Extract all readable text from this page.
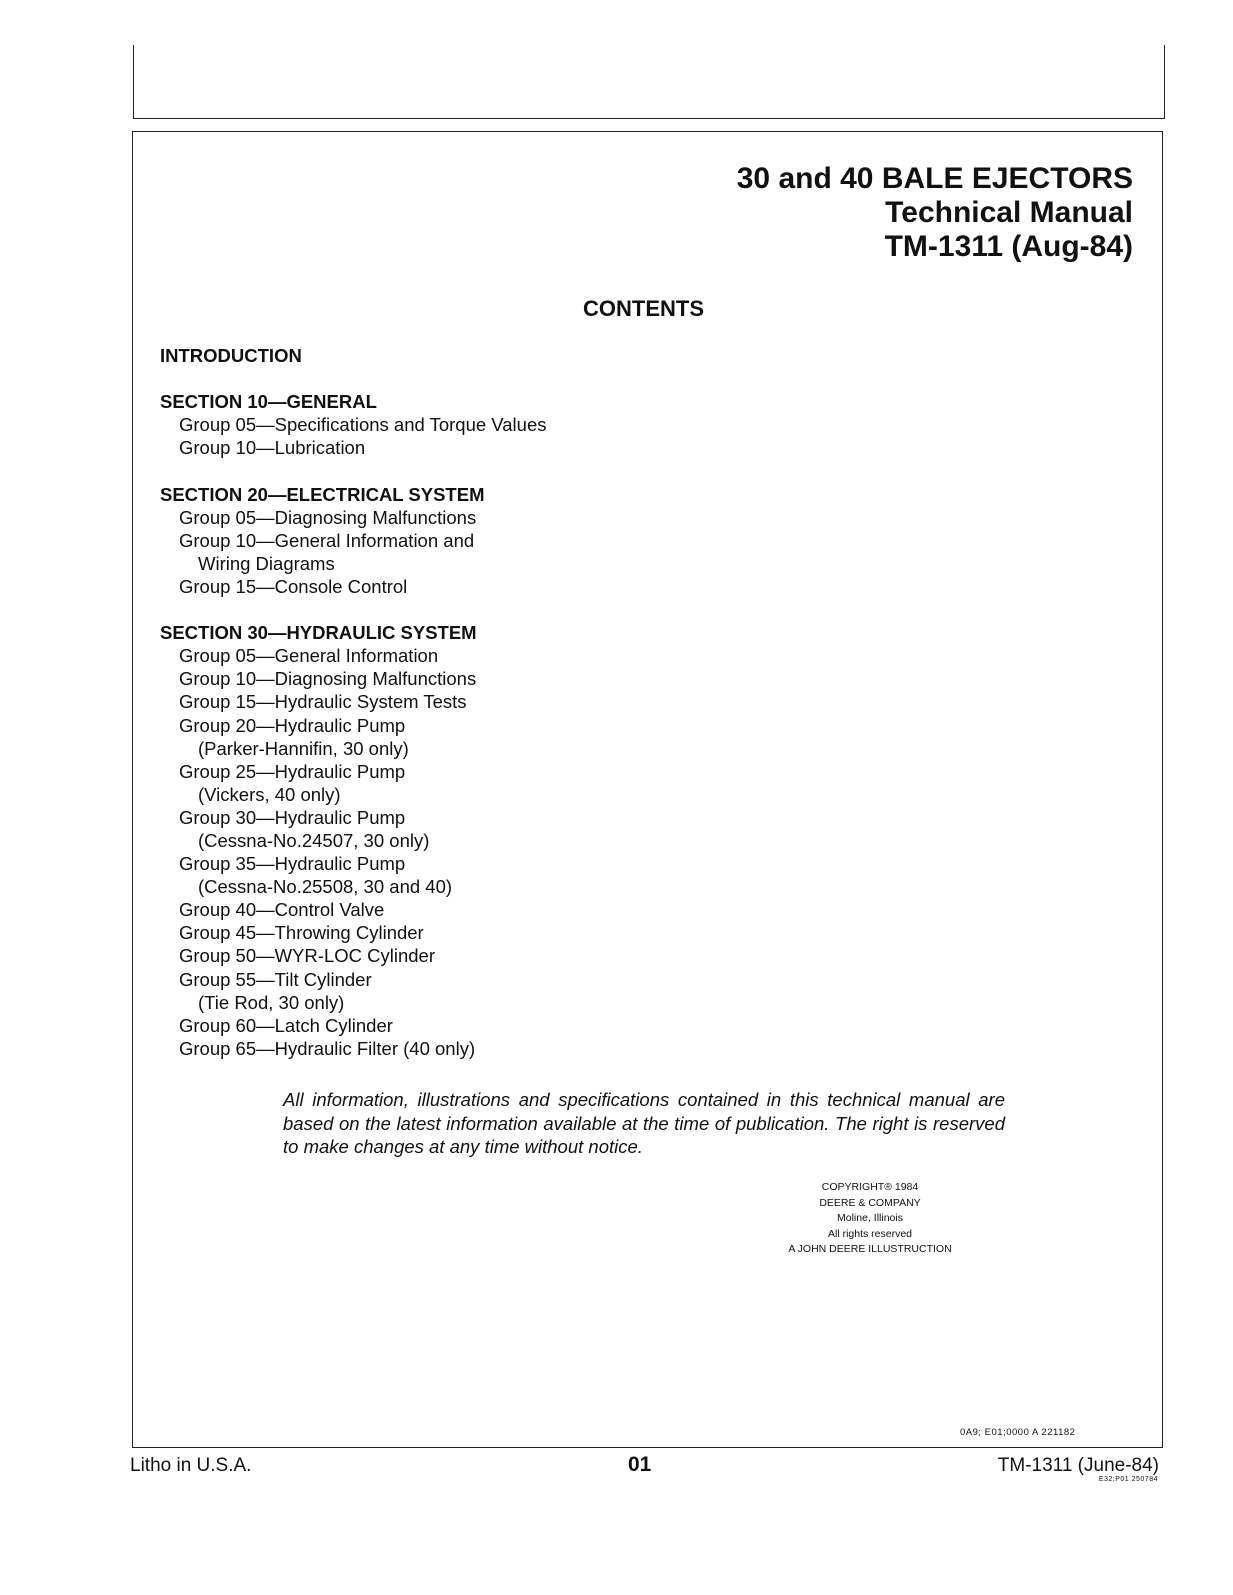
30 and 40 BALE EJECTORS
Technical Manual
TM-1311 (Aug-84)
CONTENTS
INTRODUCTION
SECTION 10—GENERAL
Group 05—Specifications and Torque Values
Group 10—Lubrication
SECTION 20—ELECTRICAL SYSTEM
Group 05—Diagnosing Malfunctions
Group 10—General Information and
Wiring Diagrams
Group 15—Console Control
SECTION 30—HYDRAULIC SYSTEM
Group 05—General Information
Group 10—Diagnosing Malfunctions
Group 15—Hydraulic System Tests
Group 20—Hydraulic Pump
(Parker-Hannifin, 30 only)
Group 25—Hydraulic Pump
(Vickers, 40 only)
Group 30—Hydraulic Pump
(Cessna-No.24507, 30 only)
Group 35—Hydraulic Pump
(Cessna-No.25508, 30 and 40)
Group 40—Control Valve
Group 45—Throwing Cylinder
Group 50—WYR-LOC Cylinder
Group 55—Tilt Cylinder
(Tie Rod, 30 only)
Group 60—Latch Cylinder
Group 65—Hydraulic Filter (40 only)
All information, illustrations and specifications contained in this technical manual are based on the latest information available at the time of publication. The right is reserved to make changes at any time without notice.
COPYRIGHT® 1984
DEERE & COMPANY
Moline, Illinois
All rights reserved
A JOHN DEERE ILLUSTRUCTION
0A9; E01;0000 A 221182
Litho in U.S.A.	01	TM-1311 (June-84)
E32;P01 250784
